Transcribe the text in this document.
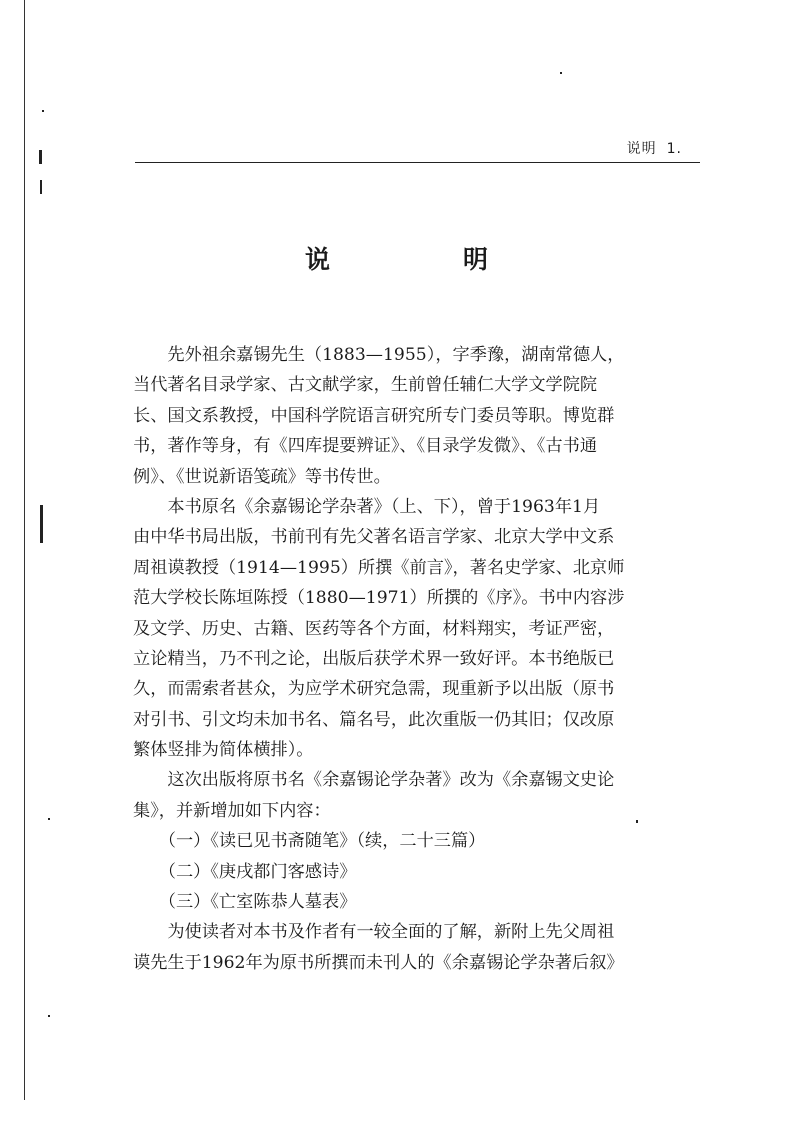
说明 1.
说　明
　　先外祖余嘉锡先生（1883—1955），字季豫，湖南常德人，
当代著名目录学家、古文献学家，生前曾任辅仁大学文学院院
长、国文系教授，中国科学院语言研究所专门委员等职。博览群
书，著作等身，有《四库提要辨证》、《目录学发微》、《古书通
例》、《世说新语笺疏》等书传世。
　　本书原名《余嘉锡论学杂著》（上、下），曾于1963年1月
由中华书局出版，书前刊有先父著名语言学家、北京大学中文系
周祖谟教授（1914—1995）所撰《前言》，著名史学家、北京师
范大学校长陈垣陈授（1880—1971）所撰的《序》。书中内容涉
及文学、历史、古籍、医药等各个方面，材料翔实，考证严密，
立论精当，乃不刊之论，出版后获学术界一致好评。本书绝版已
久，而需索者甚众，为应学术研究急需，现重新予以出版（原书
对引书、引文均未加书名、篇名号，此次重版一仍其旧；仅改原
繁体竖排为简体横排）。
　　这次出版将原书名《余嘉锡论学杂著》改为《余嘉锡文史论
集》，并新增加如下内容：
　　（一）《读已见书斋随笔》（续，二十三篇）
　　（二）《庚戌都门客感诗》
　　（三）《亡室陈恭人墓表》
　　为使读者对本书及作者有一较全面的了解，新附上先父周祖
谟先生于1962年为原书所撰而未刊人的《余嘉锡论学杂著后叙》
